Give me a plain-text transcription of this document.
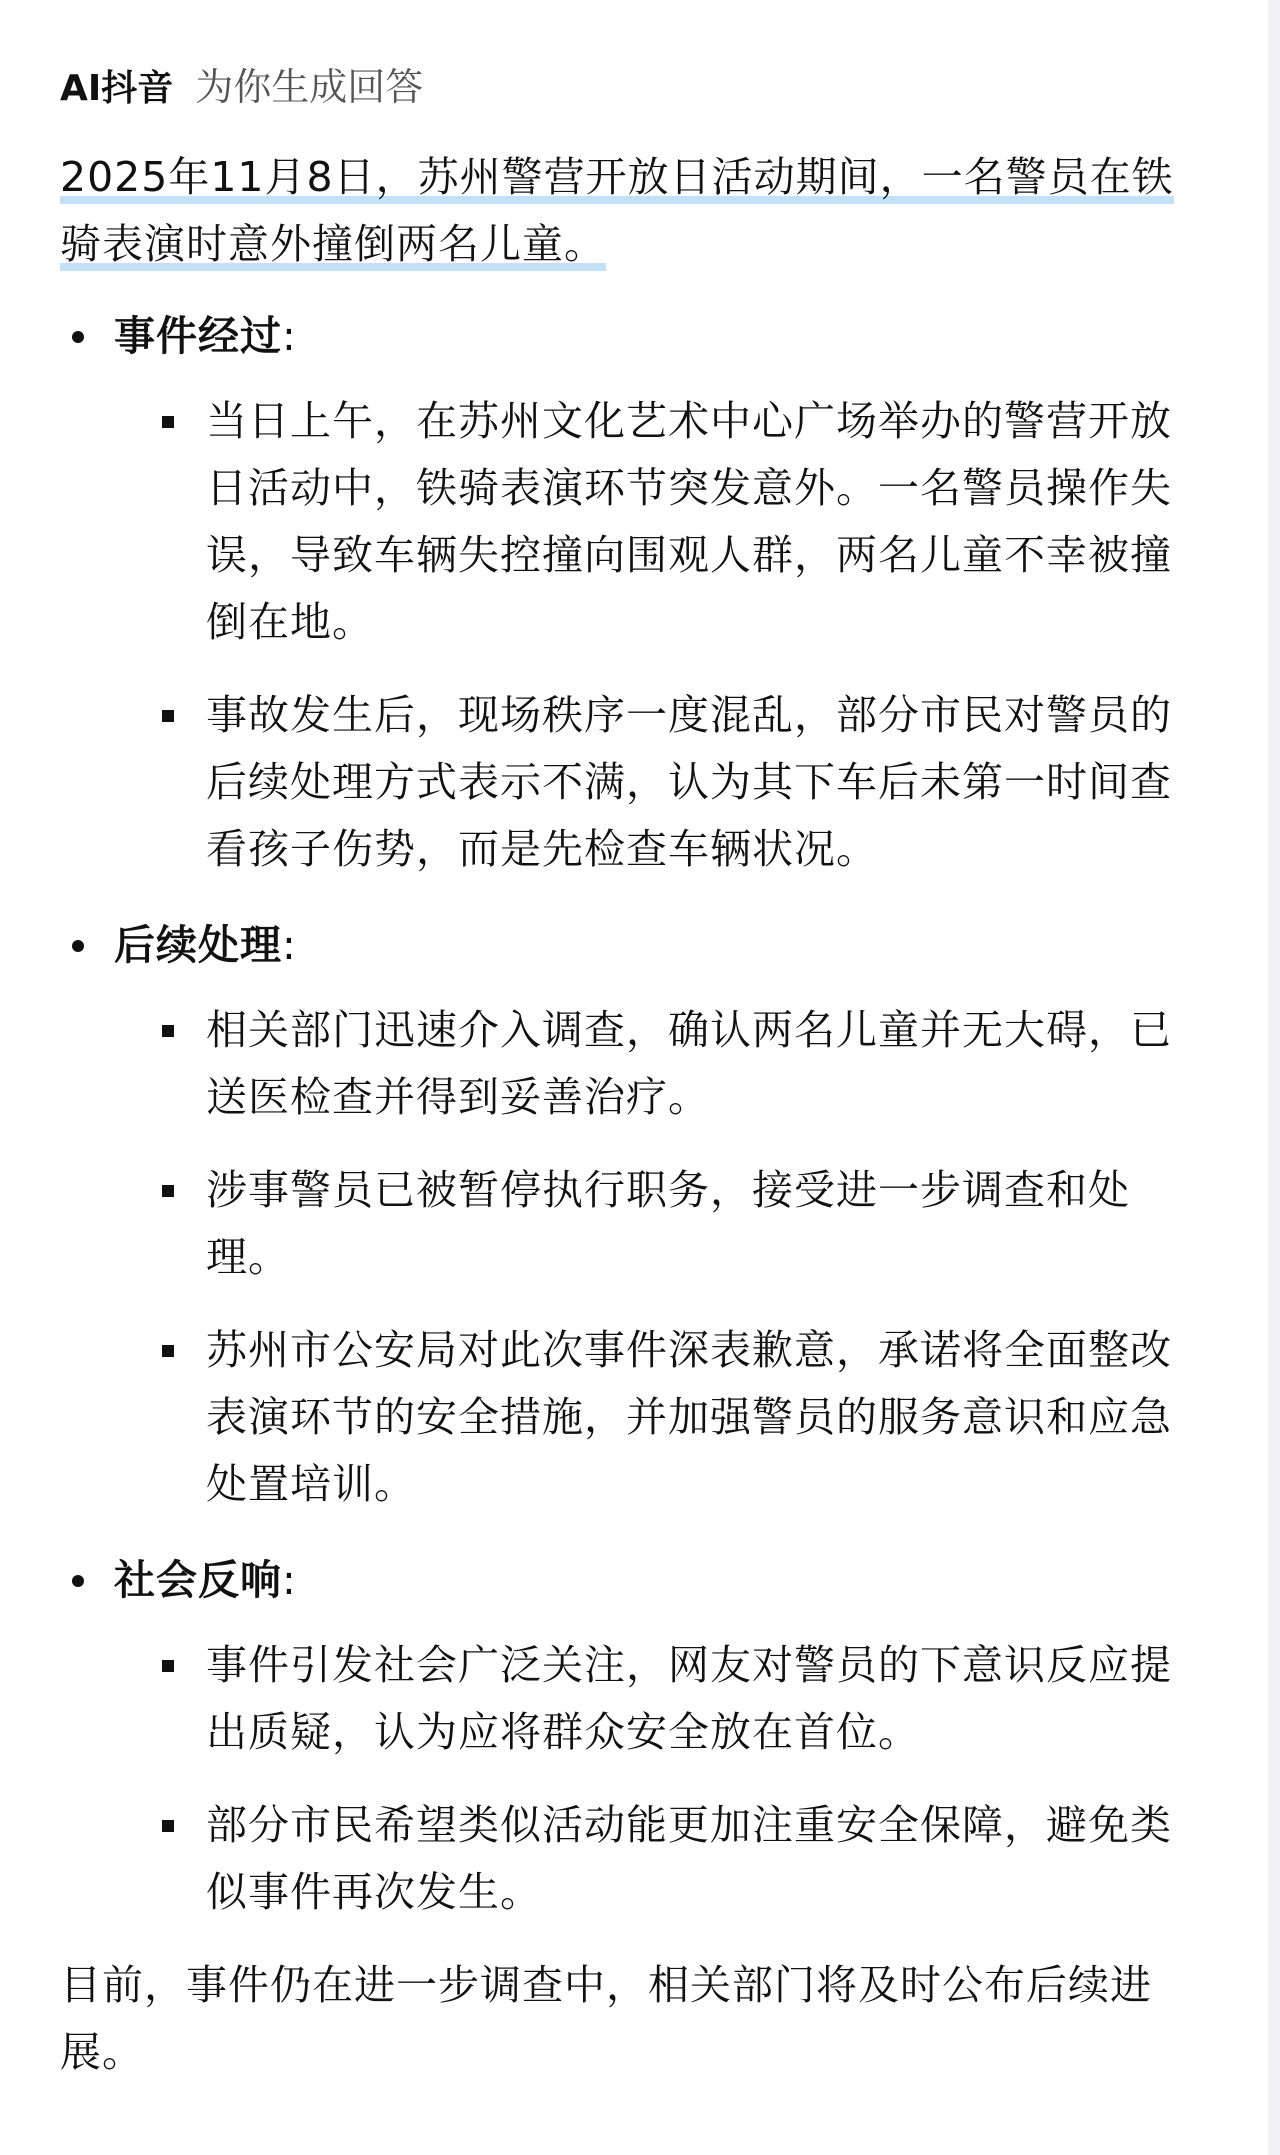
AI抖音 为你生成回答

2025年11月8日，苏州警营开放日活动期间，一名警员在铁骑表演时意外撞倒两名儿童。

事件经过:
当日上午，在苏州文化艺术中心广场举办的警营开放日活动中，铁骑表演环节突发意外。一名警员操作失误，导致车辆失控撞向围观人群，两名儿童不幸被撞倒在地。
事故发生后，现场秩序一度混乱，部分市民对警员的后续处理方式表示不满，认为其下车后未第一时间查看孩子伤势，而是先检查车辆状况。
后续处理:
相关部门迅速介入调查，确认两名儿童并无大碍，已送医检查并得到妥善治疗。
涉事警员已被暂停执行职务，接受进一步调查和处理。
苏州市公安局对此次事件深表歉意，承诺将全面整改表演环节的安全措施，并加强警员的服务意识和应急处置培训。
社会反响:
事件引发社会广泛关注，网友对警员的下意识反应提出质疑，认为应将群众安全放在首位。
部分市民希望类似活动能更加注重安全保障，避免类似事件再次发生。

目前，事件仍在进一步调查中，相关部门将及时公布后续进展。
